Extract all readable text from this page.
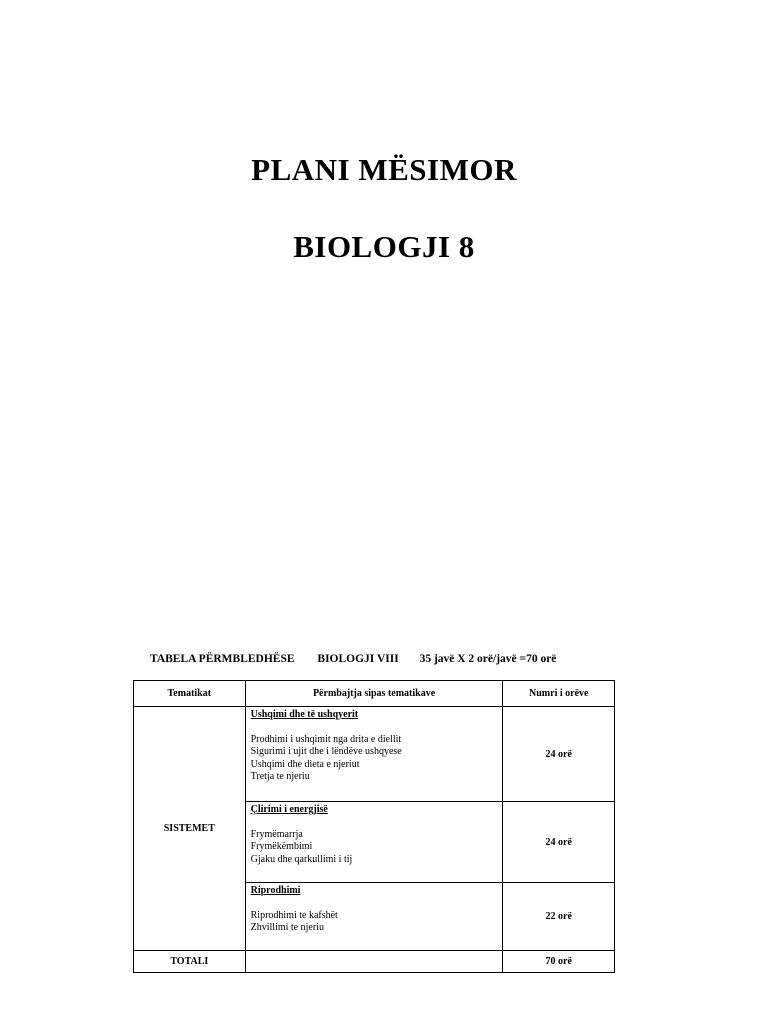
PLANI MËSIMOR
BIOLOGJI 8
TABELA PËRMBLEDHËSE BIOLOGJI VIII 35 javë X 2 orë/javë =70 orë
Tematikat	Përmbajtja sipas tematikave	Numri i orëve
SISTEMET	Ushqimi dhe të ushqyerit
Prodhimi i ushqimit nga drita e diellit
Sigurimi i ujit dhe i lëndëve ushqyese
Ushqimi dhe dieta e njeriut
Tretja te njeriu	24 orë

	Çlirimi i energjisë
Frymëmarrja
Frymëkëmbimi
Gjaku dhe qarkullimi i tij	24 orë

	Riprodhimi
Riprodhimi te kafshët
Zhvillimi te njeriu	22 orë
TOTALI		70 orë
